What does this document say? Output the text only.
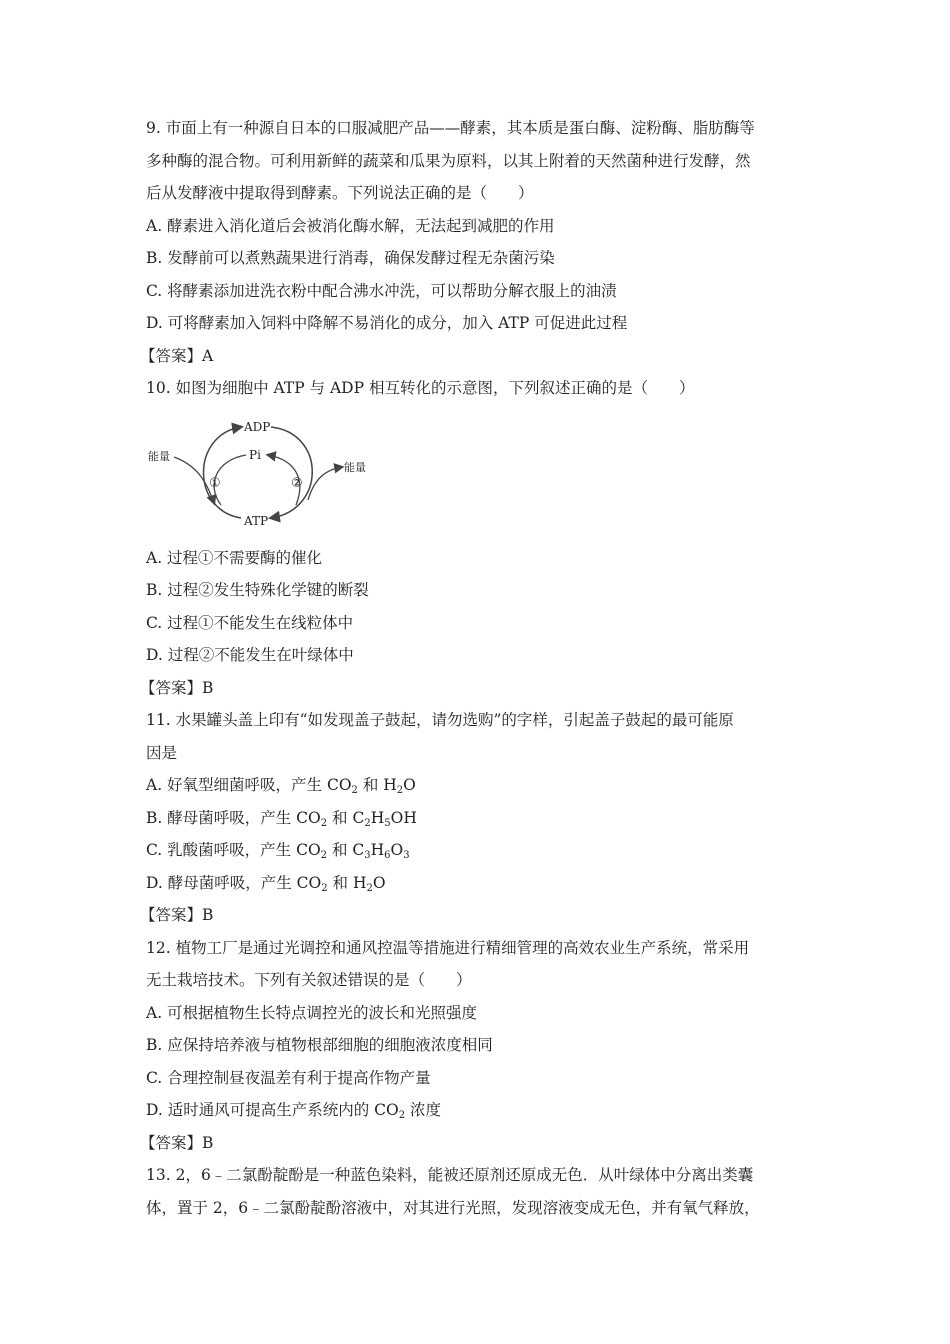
9. 市面上有一种源自日本的口服减肥产品——酵素，其本质是蛋白酶、淀粉酶、脂肪酶等
多种酶的混合物。可利用新鲜的蔬菜和瓜果为原料，以其上附着的天然菌种进行发酵，然
后从发酵液中提取得到酵素。下列说法正确的是（　　）
A. 酵素进入消化道后会被消化酶水解，无法起到减肥的作用
B. 发酵前可以煮熟蔬果进行消毒，确保发酵过程无杂菌污染
C. 将酵素添加进洗衣粉中配合沸水冲洗，可以帮助分解衣服上的油渍
D. 可将酵素加入饲料中降解不易消化的成分，加入 ATP 可促进此过程
【答案】A
10. 如图为细胞中 ATP 与 ADP 相互转化的示意图，下列叙述正确的是（　　）
ADP
Pi
ATP
能量
能量
①	②
A. 过程①不需要酶的催化
B. 过程②发生特殊化学键的断裂
C. 过程①不能发生在线粒体中
D. 过程②不能发生在叶绿体中
【答案】B
11. 水果罐头盖上印有“如发现盖子鼓起，请勿选购”的字样，引起盖子鼓起的最可能原
因是
A. 好氧型细菌呼吸，产生 $CO_2$ 和 $H_2O$
B. 酵母菌呼吸，产生 $CO_2$ 和 $C_2H_5OH$
C. 乳酸菌呼吸，产生 $CO_2$ 和 $C_3H_6O_3$
D. 酵母菌呼吸，产生 $CO_2$ 和 $H_2O$
【答案】B
12. 植物工厂是通过光调控和通风控温等措施进行精细管理的高效农业生产系统，常采用
无土栽培技术。下列有关叙述错误的是（　　）
A. 可根据植物生长特点调控光的波长和光照强度
B. 应保持培养液与植物根部细胞的细胞液浓度相同
C. 合理控制昼夜温差有利于提高作物产量
D. 适时通风可提高生产系统内的 $CO_2$ 浓度
【答案】B
13. 2，6﹣二氯酚靛酚是一种蓝色染料，能被还原剂还原成无色．从叶绿体中分离出类囊
体，置于 2，6﹣二氯酚靛酚溶液中，对其进行光照，发现溶液变成无色，并有氧气释放，
